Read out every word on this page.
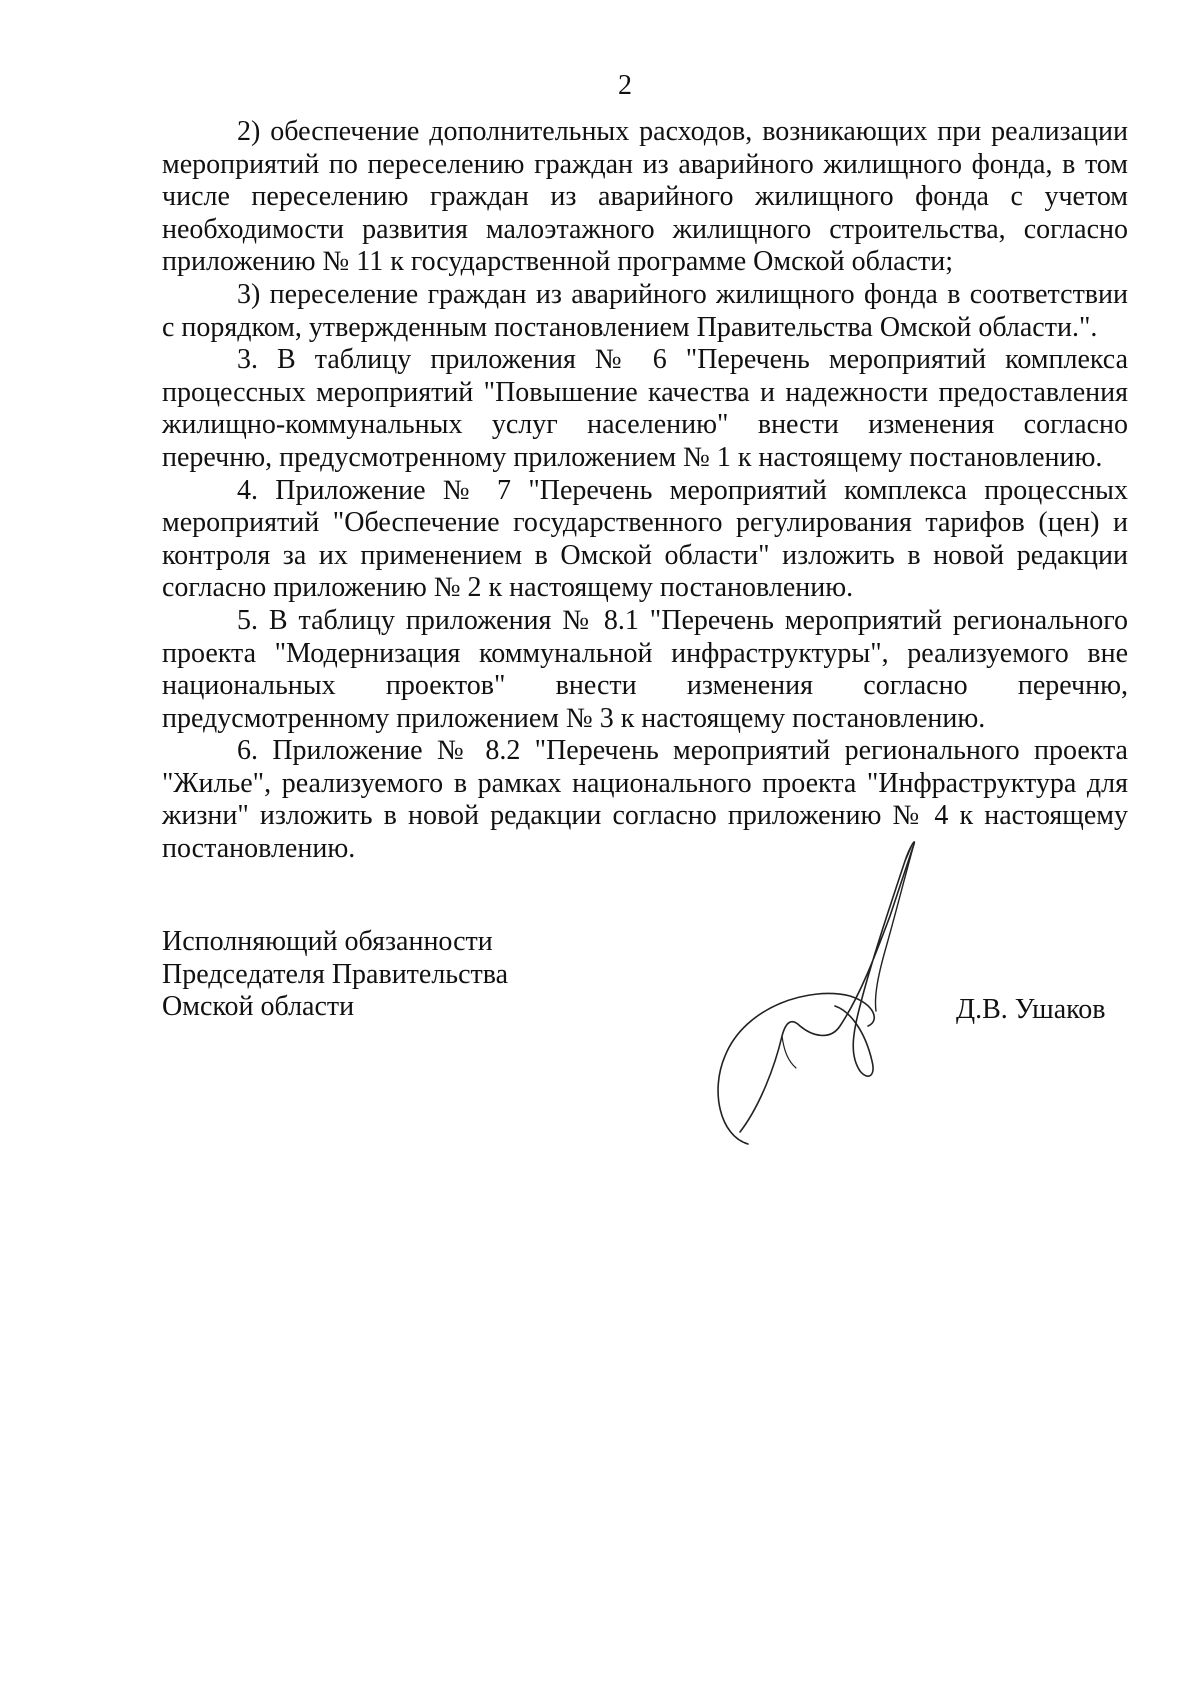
2

2) обеспечение дополнительных расходов, возникающих при реализации мероприятий по переселению граждан из аварийного жилищного фонда, в том числе переселению граждан из аварийного жилищного фонда с учетом необходимости развития малоэтажного жилищного строительства, согласно приложению № 11 к государственной программе Омской области;

3) переселение граждан из аварийного жилищного фонда в соответствии с порядком, утвержденным постановлением Правительства Омской области.".

3. В таблицу приложения № 6 "Перечень мероприятий комплекса процессных мероприятий "Повышение качества и надежности предоставления жилищно-коммунальных услуг населению" внести изменения согласно перечню, предусмотренному приложением № 1 к настоящему постановлению.

4. Приложение № 7 "Перечень мероприятий комплекса процессных мероприятий "Обеспечение государственного регулирования тарифов (цен) и контроля за их применением в Омской области" изложить в новой редакции согласно приложению № 2 к настоящему постановлению.

5. В таблицу приложения № 8.1 "Перечень мероприятий регионального проекта "Модернизация коммунальной инфраструктуры", реализуемого вне национальных проектов" внести изменения согласно перечню, предусмотренному приложением № 3 к настоящему постановлению.

6. Приложение № 8.2 "Перечень мероприятий регионального проекта "Жилье", реализуемого в рамках национального проекта "Инфраструктура для жизни" изложить в новой редакции согласно приложению № 4 к настоящему постановлению.

Исполняющий обязанности
Председателя Правительства
Омской области	Д.В. Ушаков
